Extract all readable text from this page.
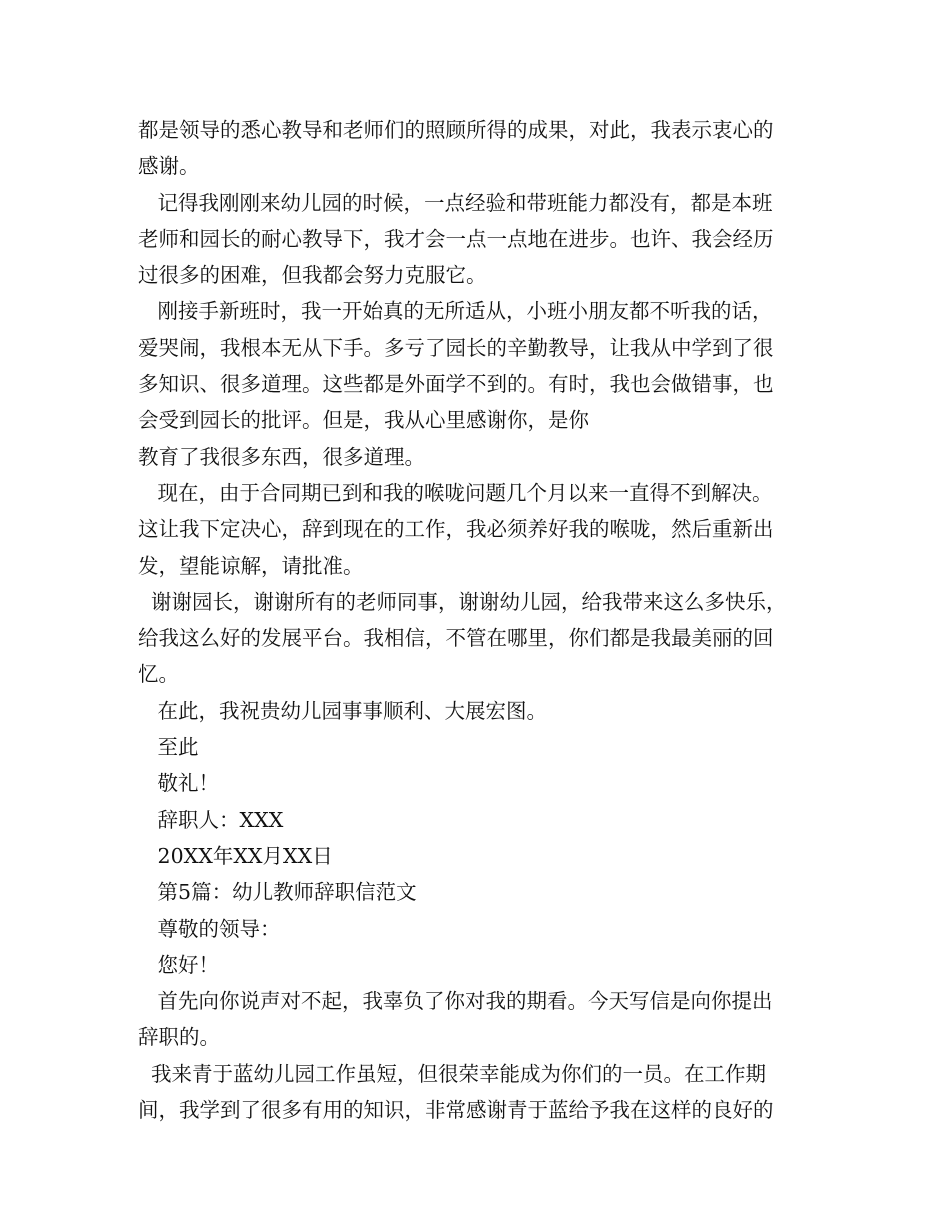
都是领导的悉心教导和老师们的照顾所得的成果，对此，我表示衷心的
感谢。
记得我刚刚来幼儿园的时候，一点经验和带班能力都没有，都是本班
老师和园长的耐心教导下，我才会一点一点地在进步。也许、我会经历
过很多的困难，但我都会努力克服它。
刚接手新班时，我一开始真的无所适从，小班小朋友都不听我的话，
爱哭闹，我根本无从下手。多亏了园长的辛勤教导，让我从中学到了很
多知识、很多道理。这些都是外面学不到的。有时，我也会做错事，也
会受到园长的批评。但是，我从心里感谢你，是你
教育了我很多东西，很多道理。
现在，由于合同期已到和我的喉咙问题几个月以来一直得不到解决。
这让我下定决心，辞到现在的工作，我必须养好我的喉咙，然后重新出
发，望能谅解，请批准。
谢谢园长，谢谢所有的老师同事，谢谢幼儿园，给我带来这么多快乐，
给我这么好的发展平台。我相信，不管在哪里，你们都是我最美丽的回
忆。
在此，我祝贵幼儿园事事顺利、大展宏图。
至此
敬礼！
辞职人：XXX
20XX年XX月XX日
第5篇：幼儿教师辞职信范文
尊敬的领导：
您好！
首先向你说声对不起，我辜负了你对我的期看。今天写信是向你提出
辞职的。
我来青于蓝幼儿园工作虽短，但很荣幸能成为你们的一员。在工作期
间，我学到了很多有用的知识，非常感谢青于蓝给予我在这样的良好的
